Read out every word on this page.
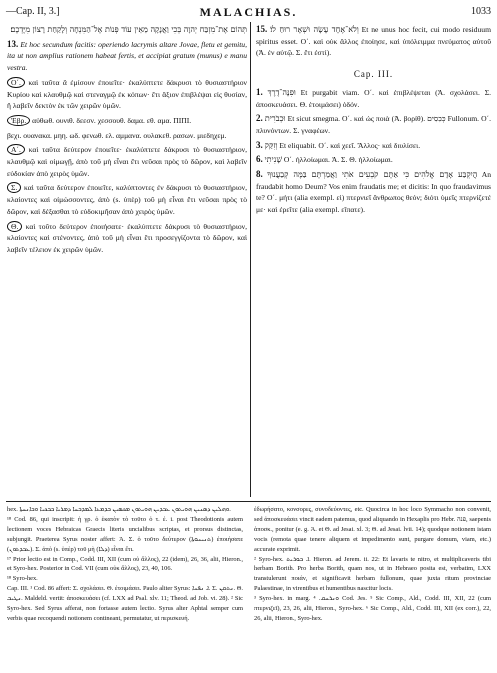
—Cap. II, 3.]	MALACHIAS.	1033
תְּהוֹם אֶת־מִזְבַּח יְהוָה בְּכִי וַאֲנָקָה מֵאֵין עוֹד פְּנוֹת אֶל־הַמִּנְחָה וְלָקַחַת רָצוֹן מִיֶּדְכֶם׃
13. Et hoc secundum facitis: operiendo lacrymis altare Jovae, fletu et gemitu, ita ut non amplius rationem habeat fertis, et accipiat gratum (munus) e manu vestra.
Ο΄. καὶ ταῦτα ἃ ἐμίσουν ἐποιεῖτε· ἐκαλύπτετε δάκρυσι τὸ θυσιαστήριον Κυρίου καὶ κλαυθμῷ καὶ στεναγμῷ ἐκ κόπων· ἔτι ἄξιον ἐπιβλέψαι εἰς θυσίαν, ἢ λαβεῖν δεκτὸν ἐκ τῶν χειρῶν ὑμῶν.
Ἑβρ. αὐθωθ. ουνιθ. δεεσν. χεσσουθ. δαμα. εθ. αμα. ΠΙΠΙ.
βεχι. ουανακα. μηη. ωδ. φενωθ. ελ. αμμανα. ουλακεθ. ρασων. μιεδηχεμ.
Α΄. καὶ ταῦτα δεύτερον ἐποιεῖτε· ἐκαλύπτετε δάκρυσι τὸ θυσιαστήριον, κλαυθμῷ καὶ οἰμωγῇ, ἀπὸ τοῦ μὴ εἶναι ἔτι νεῦσαι πρὸς τὸ δῶρον, καὶ λαβεῖν εὐδοκίαν ἀπὸ χειρὸς ὑμῶν.
Σ. καὶ ταῦτα δεύτερον ἐποιεῖτε, καλύπτοντες ἐν δάκρυσι τὸ θυσιαστήριον, κλαίοντες καὶ οἰμώσσοντες, ἀπὸ (s. ὑπὲρ) τοῦ μὴ εἶναι ἔτι νεῦσαι πρὸς τὸ δῶρον, καὶ δέξασθαι τὸ εὐδοκιμῆσαν ἀπὸ χειρὸς ὑμῶν.
Θ. καὶ τοῦτο δεύτερον ἐποιήσατε· ἐκαλύπτετε δάκρυσι τὸ θυσιαστήριον, κλαίοντες καὶ στένοντες, ἀπὸ τοῦ μὴ εἶναι ἔτι προσεγγίζοντα τὸ δῶρον, καὶ λαβεῖν τέλειον ἐκ χειρῶν ὑμῶν.
15. וְלֹא־אֶחָד עָשָׂה וּשְׁאָר רוּחַ לוֹ׃ Et ne unus hoc fecit, cui modo residuum spiritus esset. Ο΄. καὶ οὐκ ἄλλος ἐποίησε, καὶ ὑπόλειμμα πνεύματος αὐτοῦ (Ἀ. ἐν αὐτῷ. Σ. ἔτι ἐστί).
Cap. III.
1. וּפִנָּה־דֶרֶךְ Et purgabit viam. Ο΄. καὶ ἐπιβλέψεται (Ἀ. σχολάσει. Σ. ἀποσκευάσει. Θ. ἑτοιμάσει) ὁδόν.
2. וּכְבֹרִית Et sicut smegma. Ο΄. καὶ ὡς ποιὰ (Ἀ. βορίθ). כְּבִסִים Fullonum. Ο΄. πλυνόντων. Σ. γναφέων.
3. וְזִקַּק Et eliquabit. Ο΄. καὶ χεεῖ. Ἄλλος· καὶ διυλίσει.
6. שָׁנִיתִי Ο΄. ἠλλοίωμαι. Ἀ. Σ. Θ. ἠλλοίωμαι.
8. הֲיִקְבַּע אָדָם אֱלֹהִים כִּי אַתֶּם קֹבְעִים אֹתִי וַאֲמַרְתֶּם בַּמֶּה קְבַעֲנוּךָ An fraudabit homo Deum? Vos enim fraudatis me; et dicitis: In quo fraudavimus te? Ο΄. μήτι (alia exempl. εἰ) πτερνιεῖ ἄνθρωπος θεόν; διότι ὑμεῖς πτερνίζετέ με· καὶ ἐρεῖτε (alia exempl. εἴπατε).

hex. ܘܗܠܝܢ ܕܣܢܝܢ ܗܘܝܬܘܢ ܥܒܕܝܢ ܗܘܝܬܘܢ ܡܟܣܝܢ ܒܕܡܥܐ ܠܡܕܒܚܐ ܕܡܪܝܐ ܒܒܟܝܐ ܘܒܐܢܚܬܐ.

¹⁸ Cod. 86, qui inscripit: ἡ γρ. ὁ ἑκατὸν τὸ τοῦτο ὁ τ. ἐ. i. post Theodotionis autem lectionem voces Hebraicas Graecis literis uncialibus scriptas, et prorsus distinctas, subjungit. Praeterea Syrus noster affert: Ἀ. Σ. ὁ τοῦτο δεύτερον (ܬܢܝܢܘܬܐ) ἐποιήσατε (ܥܒܕܬܘܢ). Σ. ἀπὸ (s. ὑπὲρ) τοῦ μὴ (ܕܠܐ) εἶναι ἔτι.

¹⁷ Prior lectio est in Comp., Codd. III, XII (cum οὐ ἄλλος), 22 (idem), 26, 36, alii, Hieron., et Syro-hex. Posterior in Cod. VII (cum οὐκ ἄλλος), 23, 40, 106.

¹⁸ Syro-hex.

Cap. III. ¹ Cod. 86 affert: Σ. σχολάσει. Θ. ἑτοιμάσει. Paulo aliter Syrus: ܐ. ܢܦܢܐ. Σ. ܢܬܩܢ. Θ. ܢܛܝܒ. Maldeld. vertit: ἀποσκευάσει (cf. LXX ad Psal. xlv. 11; Theod. ad Job. vi. 28). ² Sic Syro-hex. Sed Syrus afferat, non fortasse autem lectio. Syrus alter Aphtal semper cum verbis quae recoquendi notionem contineant, permutatur, ut περισκευή.

ἐδωρήσατο, κονσορες, συνοδεύοντες, etc. Quocirca in hoc loco Symmacho non convenit, sed ἀποσκευάσει vincit eadem patemus, quod aliquando in Hexaplis pro Hebr. פנה, saepenis ἀποσκ., ponitur (e. g. Ἀ. et Θ. ad Jesai. xl. 3; Θ. ad Jesai. lvii. 14); quodque notionem istam vocis (remota quae tenere aliquem et impedimento sunt, purgare domum, viam, etc.) accurate exprimit.

² Syro-hex. ܐ. ܒܘܪܝܬ. Hieron. ad Jerem. ii. 22: Et lavaris te nitro, et multiplicaveris tibi herbam Borith. Pro herba Borith, quam nos, ut in Hebraeo posita est, verbatim, LXX transtulerunt ποιάν, et significavit herbam fullonum, quae juxta ritum provinciae Palaestinae, in virentibus et humentibus nascitur locis.

³ Syro-hex. in marg. ܘܢܪܚܩ. ⁴ Cod. Jes. ⁵ Sic Comp., Ald., Codd. III, XII, 22 (cum πτερνιζεῖ), 23, 26, alii, Hieron., Syro-hex. ⁶ Sic Comp., Ald., Codd. III, XII (ex corr.), 22, 26, alii, Hieron., Syro-hex.
